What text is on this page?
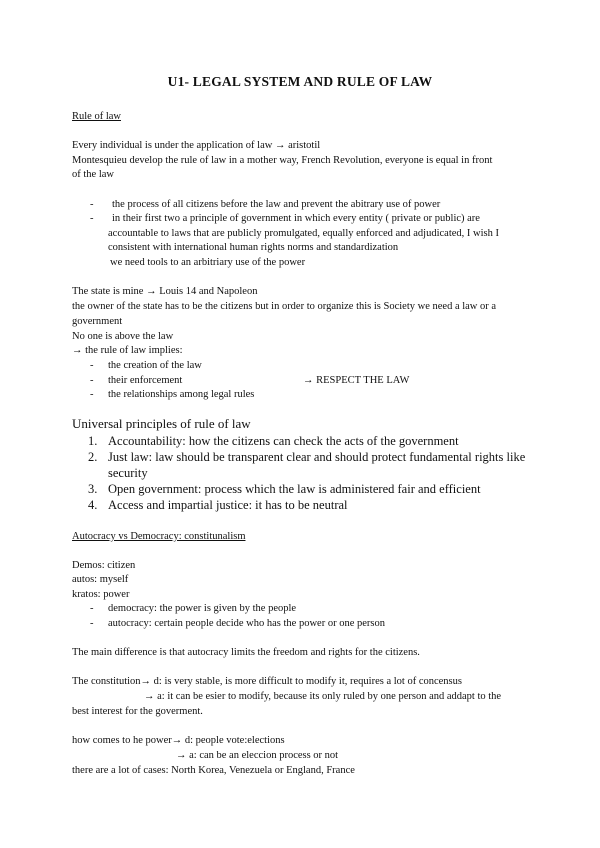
U1- LEGAL SYSTEM AND RULE OF LAW
Rule of law
Every individual is under the application of law → aristotil
Montesquieu develop the rule of law in a mother way, French Revolution, everyone is equal in front
of the law
- the process of all citizens before the law and prevent the abitrary use of power
- in their first two a principle of government in which every entity ( private or public) are
accountable to laws that are publicly promulgated, equally enforced and adjudicated, I wish I
consistent with international human rights norms and standardization
we need tools to an arbitriary use of the power
The state is mine → Louis 14 and Napoleon
the owner of the state has to be the citizens but in order to organize this is Society we need a law or a
government
No one is above the law
→ the rule of law implies:
- the creation of the law
- their enforcement	→ RESPECT THE LAW
- the relationships among legal rules
Universal principles of rule of law
1. Accountability: how the citizens can check the acts of the government
2. Just law: law should be transparent clear and should protect fundamental rights like
security
3. Open government: process which the law is administered fair and efficient
4. Access and impartial justice: it has to be neutral
Autocracy vs Democracy: constitunalism
Demos: citizen
autos: myself
kratos: power
- democracy: the power is given by the people
- autocracy: certain people decide who has the power or one person
The main difference is that autocracy limits the freedom and rights for the citizens.
The constitution→ d: is very stable, is more difficult to modify it, requires a lot of concensus
→ a: it can be esier to modify, because its only ruled by one person and addapt to the
best interest for the goverment.
how comes to he power→ d: people vote:elections
→ a: can be an eleccion process or not
there are a lot of cases: North Korea, Venezuela or England, France
